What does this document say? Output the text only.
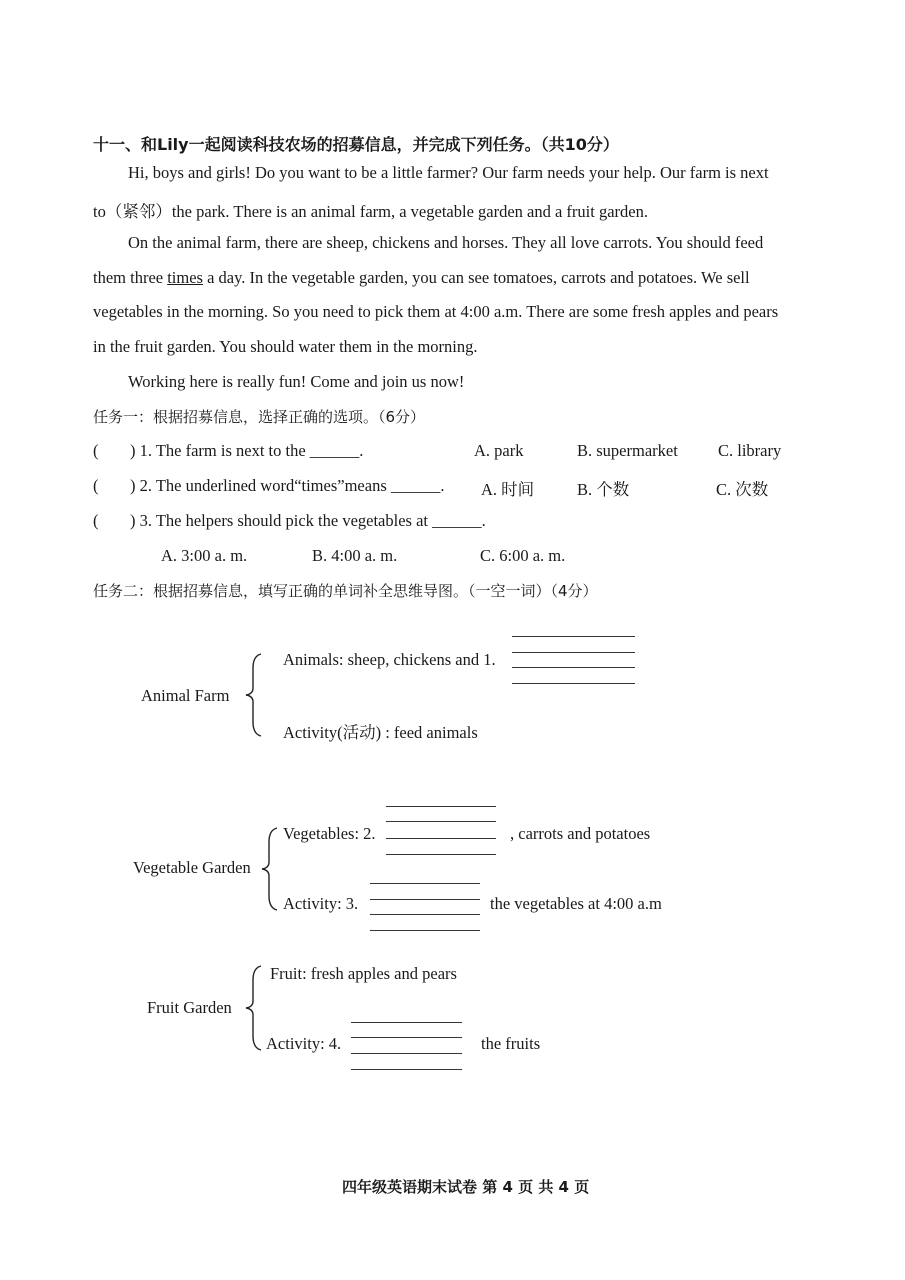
十一、和Lily一起阅读科技农场的招募信息，并完成下列任务。（共10分）
Hi, boys and girls! Do you want to be a little farmer? Our farm needs your help. Our farm is next
to（紧邻）the park. There is an animal farm, a vegetable garden and a fruit garden.
On the animal farm, there are sheep, chickens and horses. They all love carrots. You should feed
them three times a day. In the vegetable garden, you can see tomatoes, carrots and potatoes. We sell
vegetables in the morning. So you need to pick them at 4:00 a.m. There are some fresh apples and pears
in the fruit garden. You should water them in the morning.
Working here is really fun! Come and join us now!
任务一：根据招募信息，选择正确的选项。（6分）
( ) 1. The farm is next to the ______.	A. park	B. supermarket C. library
( ) 2. The underlined word“times”means ______. A. 时间	B. 个数	C. 次数
( ) 3. The helpers should pick the vegetables at ______.
A. 3:00 a. m.	B. 4:00 a. m.	C. 6:00 a. m.
任务二：根据招募信息，填写正确的单词补全思维导图。（一空一词）（4分）
Animal Farm
Animals: sheep, chickens and 1.
Activity(活动) : feed animals
Vegetable Garden
Vegetables: 2.	, carrots and potatoes
Activity: 3.	the vegetables at 4:00 a.m
Fruit Garden
Fruit: fresh apples and pears
Activity: 4.	the fruits
四年级英语期末试卷 第 4 页 共 4 页
